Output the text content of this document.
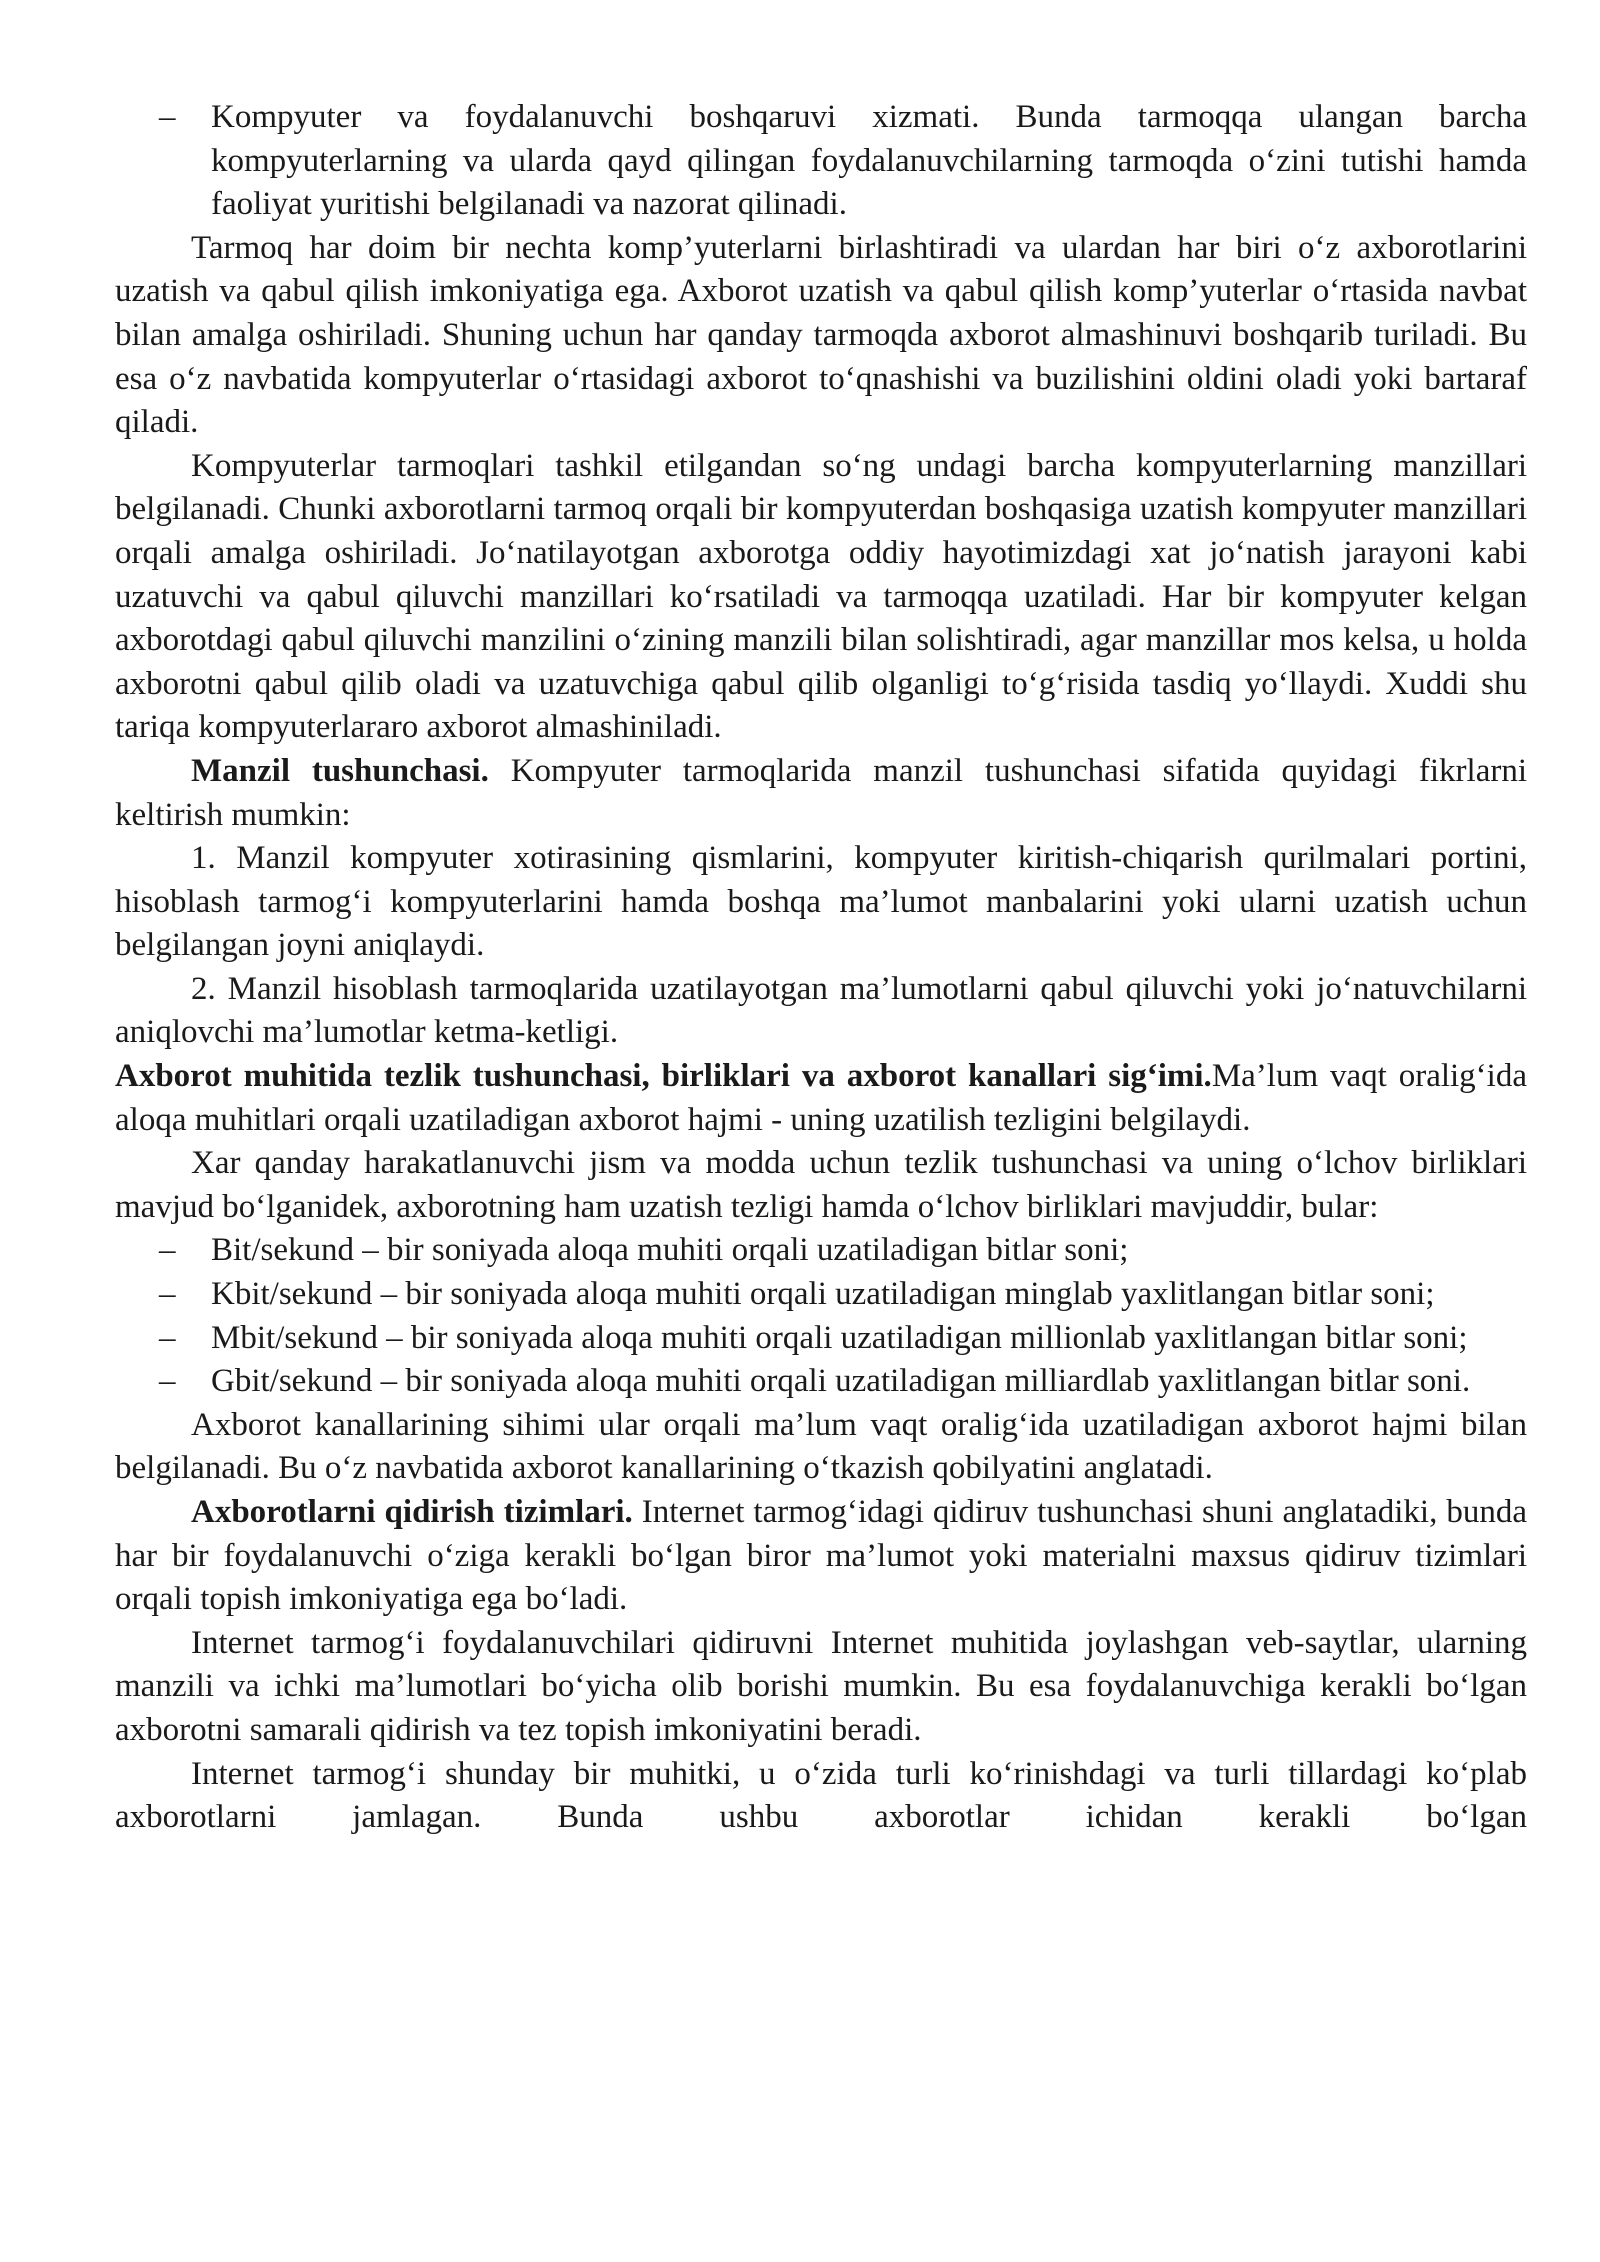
– Kompyuter va foydalanuvchi boshqaruvi xizmati. Bunda tarmoqqa ulangan barcha kompyuterlarning va ularda qayd qilingan foydalanuvchilarning tarmoqda o‘zini tutishi hamda faoliyat yuritishi belgilanadi va nazorat qilinadi.

Tarmoq har doim bir nechta komp’yuterlarni birlashtiradi va ulardan har biri o‘z axborotlarini uzatish va qabul qilish imkoniyatiga ega. Axborot uzatish va qabul qilish komp’yuterlar o‘rtasida navbat bilan amalga oshiriladi. Shuning uchun har qanday tarmoqda axborot almashinuvi boshqarib turiladi. Bu esa o‘z navbatida kompyuterlar o‘rtasidagi axborot to‘qnashishi va buzilishini oldini oladi yoki bartaraf qiladi.

Kompyuterlar tarmoqlari tashkil etilgandan so‘ng undagi barcha kompyuterlarning manzillari belgilanadi. Chunki axborotlarni tarmoq orqali bir kompyuterdan boshqasiga uzatish kompyuter manzillari orqali amalga oshiriladi. Jo‘natilayotgan axborotga oddiy hayotimizdagi xat jo‘natish jarayoni kabi uzatuvchi va qabul qiluvchi manzillari ko‘rsatiladi va tarmoqqa uzatiladi. Har bir kompyuter kelgan axborotdagi qabul qiluvchi manzilini o‘zining manzili bilan solishtiradi, agar manzillar mos kelsa, u holda axborotni qabul qilib oladi va uzatuvchiga qabul qilib olganligi to‘g‘risida tasdiq yo‘llaydi. Xuddi shu tariqa kompyuterlararo axborot almashiniladi.

Manzil tushunchasi. Kompyuter tarmoqlarida manzil tushunchasi sifatida quyidagi fikrlarni keltirish mumkin:

1. Manzil kompyuter xotirasining qismlarini, kompyuter kiritish-chiqarish qurilmalari portini, hisoblash tarmog‘i kompyuterlarini hamda boshqa ma’lumot manbalarini yoki ularni uzatish uchun belgilangan joyni aniqlaydi.

2. Manzil hisoblash tarmoqlarida uzatilayotgan ma’lumotlarni qabul qiluvchi yoki jo‘natuvchilarni aniqlovchi ma’lumotlar ketma-ketligi.

Axborot muhitida tezlik tushunchasi, birliklari va axborot kanallari sig‘imi.Ma’lum vaqt oralig‘ida aloqa muhitlari orqali uzatiladigan axborot hajmi - uning uzatilish tezligini belgilaydi.

Xar qanday harakatlanuvchi jism va modda uchun tezlik tushunchasi va uning o‘lchov birliklari mavjud bo‘lganidek, axborotning ham uzatish tezligi hamda o‘lchov birliklari mavjuddir, bular:

– Bit/sekund – bir soniyada aloqa muhiti orqali uzatiladigan bitlar soni;

– Kbit/sekund – bir soniyada aloqa muhiti orqali uzatiladigan minglab yaxlitlangan bitlar soni;

– Mbit/sekund – bir soniyada aloqa muhiti orqali uzatiladigan millionlab yaxlitlangan bitlar soni;

– Gbit/sekund – bir soniyada aloqa muhiti orqali uzatiladigan milliardlab yaxlitlangan bitlar soni.

Axborot kanallarining sihimi ular orqali ma’lum vaqt oralig‘ida uzatiladigan axborot hajmi bilan belgilanadi. Bu o‘z navbatida axborot kanallarining o‘tkazish qobilyatini anglatadi.

Axborotlarni qidirish tizimlari. Internet tarmog‘idagi qidiruv tushunchasi shuni anglatadiki, bunda har bir foydalanuvchi o‘ziga kerakli bo‘lgan biror ma’lumot yoki materialni maxsus qidiruv tizimlari orqali topish imkoniyatiga ega bo‘ladi.

Internet tarmog‘i foydalanuvchilari qidiruvni Internet muhitida joylashgan veb-saytlar, ularning manzili va ichki ma’lumotlari bo‘yicha olib borishi mumkin. Bu esa foydalanuvchiga kerakli bo‘lgan axborotni samarali qidirish va tez topish imkoniyatini beradi.

Internet tarmog‘i shunday bir muhitki, u o‘zida turli ko‘rinishdagi va turli tillardagi ko‘plab axborotlarni jamlagan. Bunda ushbu axborotlar ichidan kerakli bo‘lgan
